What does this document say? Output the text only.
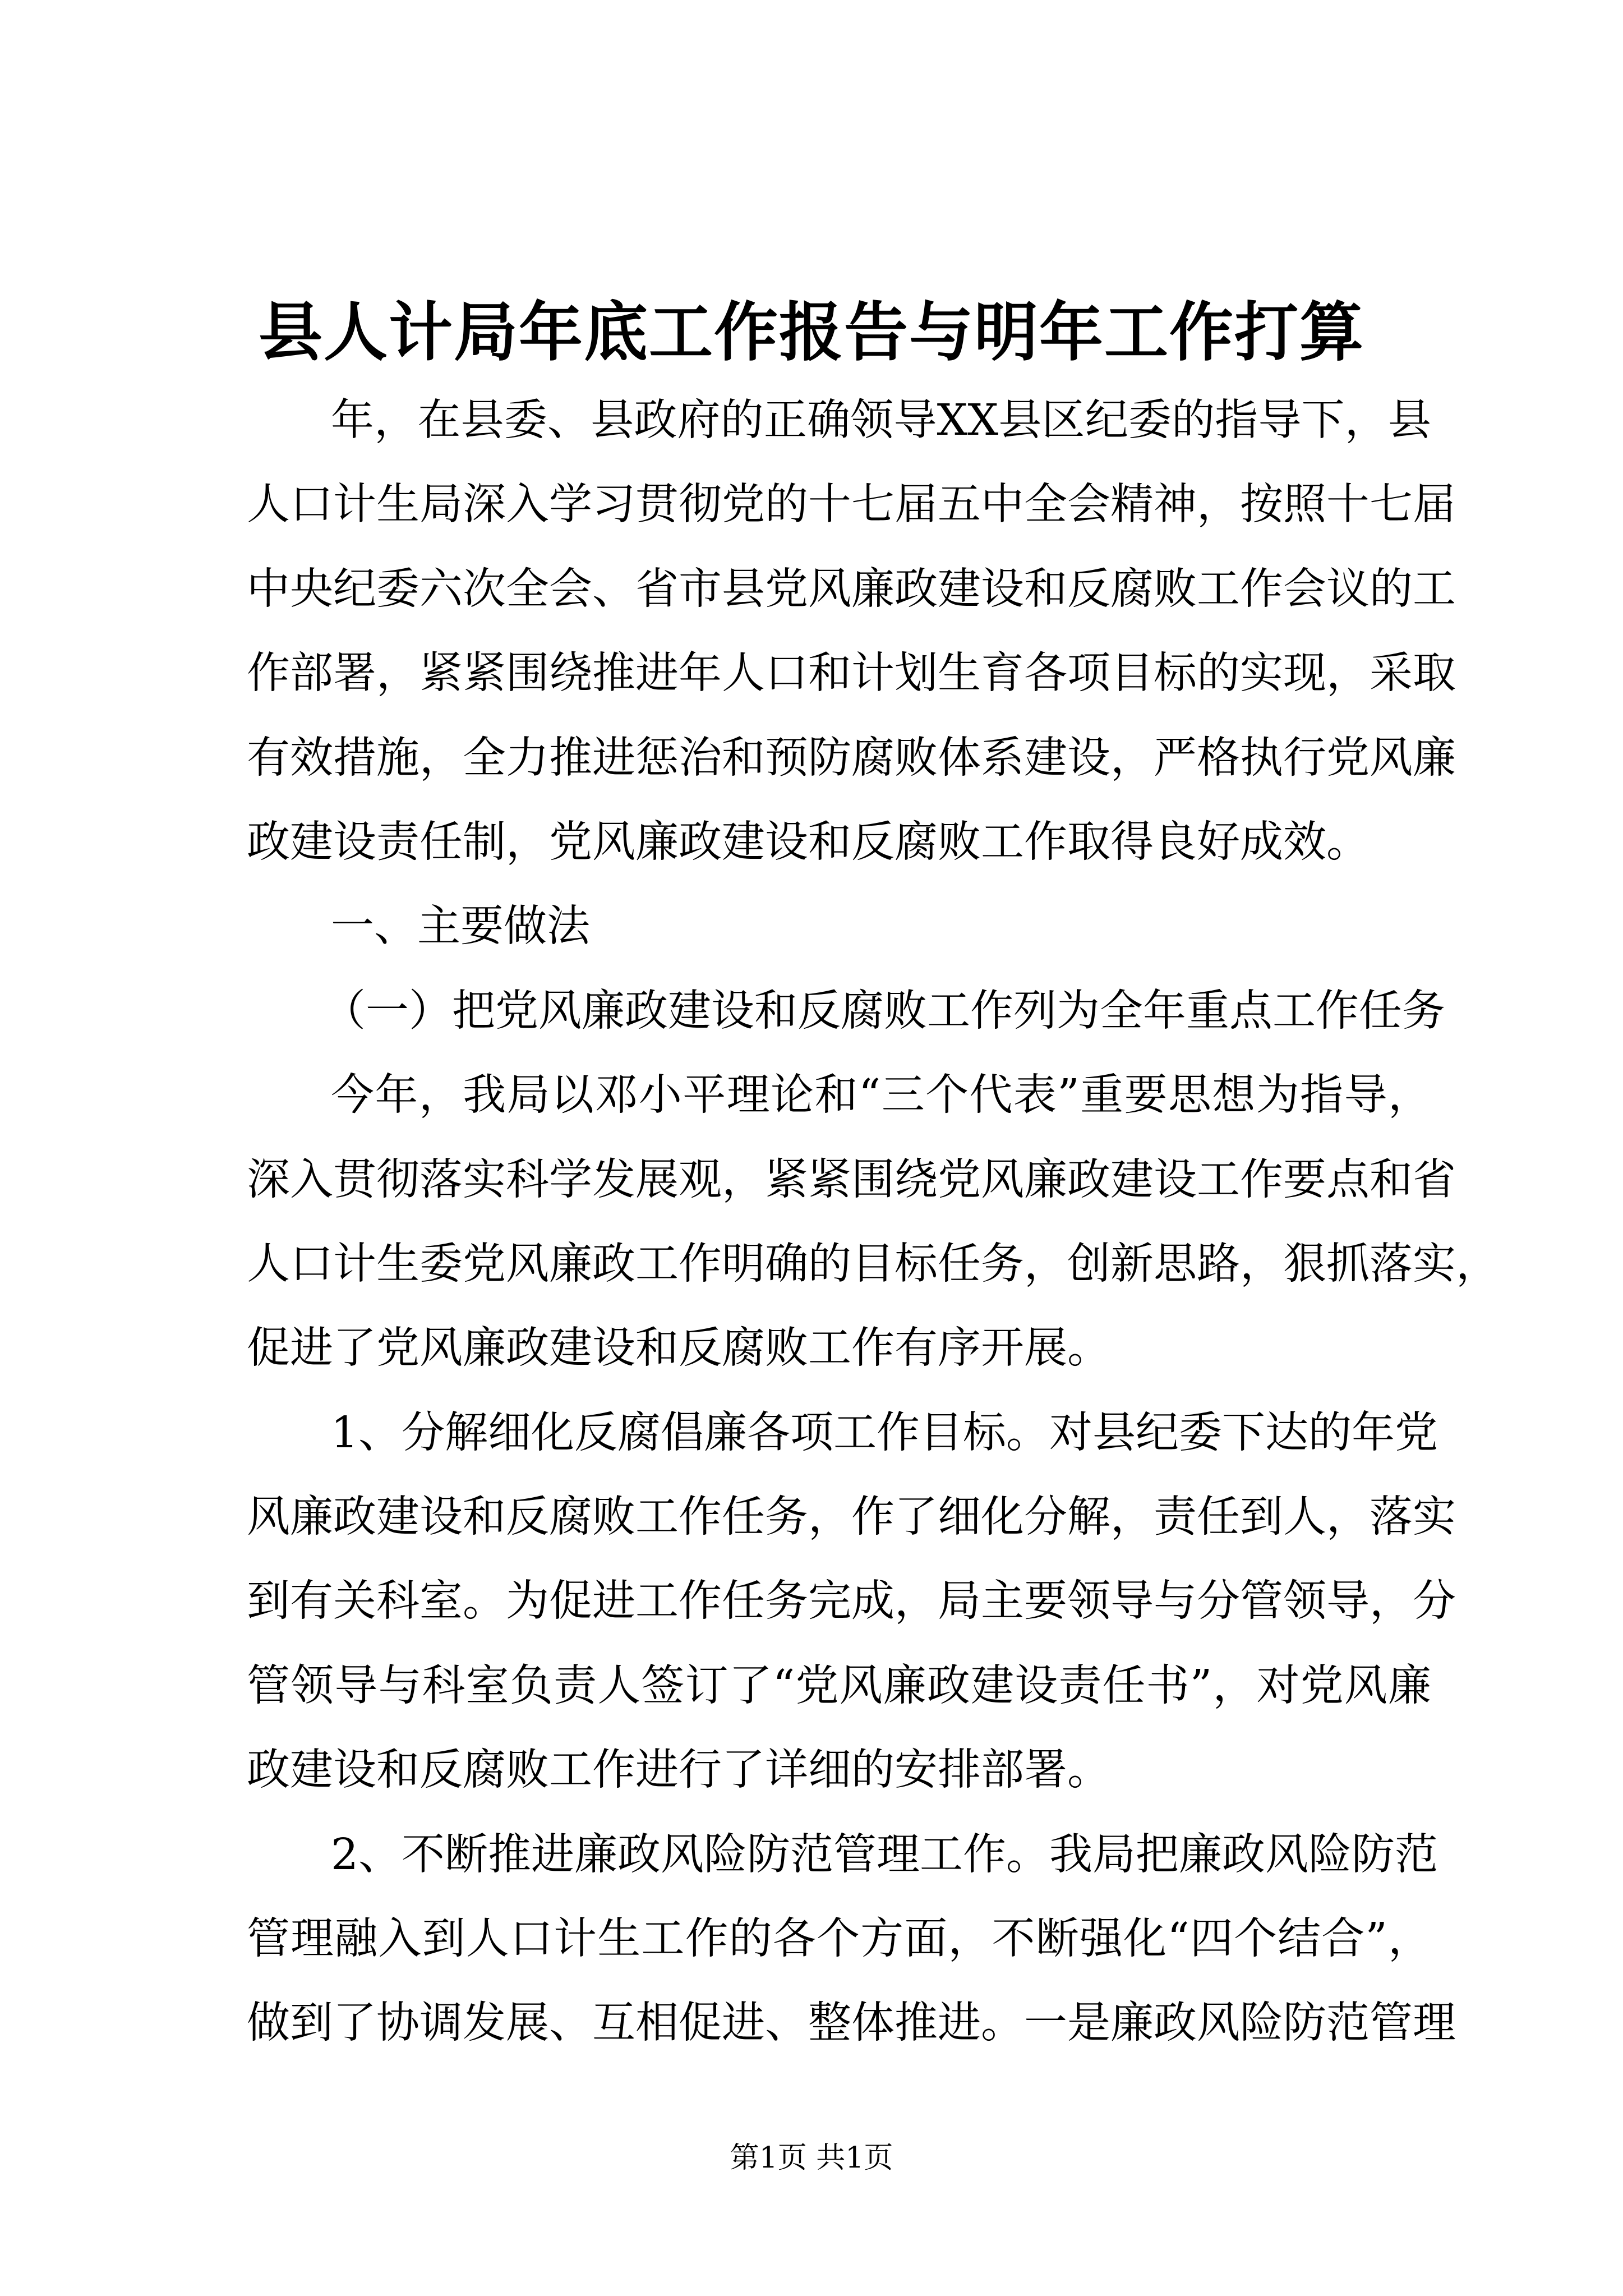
县人计局年底工作报告与明年工作打算
年，在县委、县政府的正确领导XX县区纪委的指导下，县
人口计生局深入学习贯彻党的十七届五中全会精神，按照十七届
中央纪委六次全会、省市县党风廉政建设和反腐败工作会议的工
作部署，紧紧围绕推进年人口和计划生育各项目标的实现，采取
有效措施，全力推进惩治和预防腐败体系建设，严格执行党风廉
政建设责任制，党风廉政建设和反腐败工作取得良好成效。
一、主要做法
（一）把党风廉政建设和反腐败工作列为全年重点工作任务
今年，我局以邓小平理论和“三个代表”重要思想为指导，
深入贯彻落实科学发展观，紧紧围绕党风廉政建设工作要点和省
人口计生委党风廉政工作明确的目标任务，创新思路，狠抓落实，
促进了党风廉政建设和反腐败工作有序开展。
1、分解细化反腐倡廉各项工作目标。对县纪委下达的年党
风廉政建设和反腐败工作任务，作了细化分解，责任到人，落实
到有关科室。为促进工作任务完成，局主要领导与分管领导，分
管领导与科室负责人签订了“党风廉政建设责任书”，对党风廉
政建设和反腐败工作进行了详细的安排部署。
2、不断推进廉政风险防范管理工作。我局把廉政风险防范
管理融入到人口计生工作的各个方面，不断强化“四个结合”，
做到了协调发展、互相促进、整体推进。一是廉政风险防范管理
第1页 共1页
